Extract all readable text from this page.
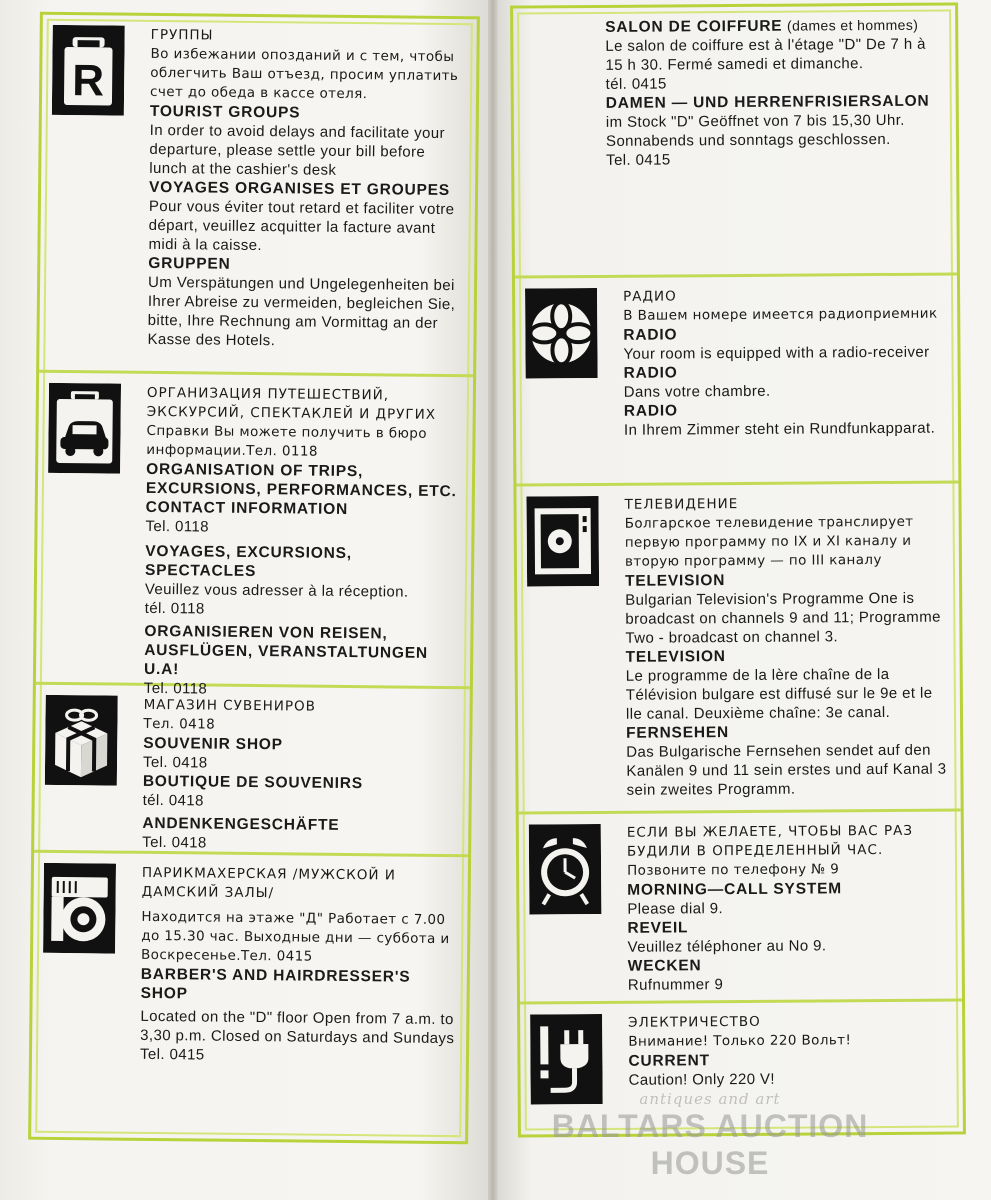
R
ГРУППЫ
Во избежании опозданий и с тем, чтобы облегчить Ваш отъезд, просим уплатить счет до обеда в кассе отеля.
TOURIST GROUPS
In order to avoid delays and facilitate your departure, please settle your bill before lunch at the cashier's desk
VOYAGES ORGANISES ET GROUPES
Pour vous éviter tout retard et faciliter votre départ, veuillez acquitter la facture avant midi à la caisse.
GRUPPEN
Um Verspätungen und Ungelegenheiten bei Ihrer Abreise zu vermeiden, begleichen Sie, bitte, Ihre Rechnung am Vormittag an der Kasse des Hotels.
ОРГАНИЗАЦИЯ ПУТЕШЕСТВИЙ, ЭКСКУРСИЙ, СПЕКТАКЛЕЙ И ДРУГИХ
Справки Вы можете получить в бюро информации.Тел. 0118
ORGANISATION OF TRIPS, EXCURSIONS, PERFORMANCES, ETC. CONTACT INFORMATION
Tel. 0118
VOYAGES, EXCURSIONS, SPECTACLES
Veuillez vous adresser à la réception.
tél. 0118
ORGANISIEREN VON REISEN, AUSFLÜGEN, VERANSTALTUNGEN U.A!
Tel. 0118
МАГАЗИН СУВЕНИРОВ
Тел. 0418
SOUVENIR SHOP
Tel. 0418
BOUTIQUE DE SOUVENIRS
tél. 0418
ANDENKENGESCHÄFTE
Tel. 0418
ПАРИКМАХЕРСКАЯ /МУЖСКОЙ И ДАМСКИЙ ЗАЛЫ/
Находится на этаже "Д" Работает с 7.00 до 15.30 час. Выходные дни — суббота и Воскресенье.Тел. 0415
BARBER'S AND HAIRDRESSER'S SHOP
Located on the "D" floor Open from 7 a.m. to 3,30 p.m. Closed on Saturdays and Sundays
Tel. 0415
SALON DE COIFFURE (dames et hommes)
Le salon de coiffure est à l'étage "D" De 7 h à 15 h 30. Fermé samedi et dimanche.
tél. 0415
DAMEN — UND HERRENFRISIERSALON
im Stock "D" Geöffnet von 7 bis 15,30 Uhr. Sonnabends und sonntags geschlossen.
Tel. 0415
РАДИО
В Вашем номере имеется радиоприемник
RADIO
Your room is equipped with a radio-receiver
RADIO
Dans votre chambre.
RADIO
In Ihrem Zimmer steht ein Rundfunkapparat.
ТЕЛЕВИДЕНИЕ
Болгарское телевидение транслирует первую программу по IX и XI каналу и вторую программу — по III каналу
TELEVISION
Bulgarian Television's Programme One is broadcast on channels 9 and 11; Programme Two - broadcast on channel 3.
TELEVISION
Le programme de la lère chaîne de la Télévision bulgare est diffusé sur le 9e et le lle canal. Deuxième chaîne: 3e canal.
FERNSEHEN
Das Bulgarische Fernsehen sendet auf den Kanälen 9 und 11 sein erstes und auf Kanal 3 sein zweites Programm.
ЕСЛИ ВЫ ЖЕЛАЕТЕ, ЧТОБЫ ВАС РАЗ БУДИЛИ В ОПРЕДЕЛЕННЫЙ ЧАС.
Позвоните по телефону № 9
MORNING—CALL SYSTEM
Please dial 9.
REVEIL
Veuillez téléphoner au No 9.
WECKEN
Rufnummer 9
ЭЛЕКТРИЧЕСТВО
Внимание! Только 220 Вольт!
CURRENT
Caution! Only 220 V!
antiques and art
BALTARS AUCTION HOUSE
